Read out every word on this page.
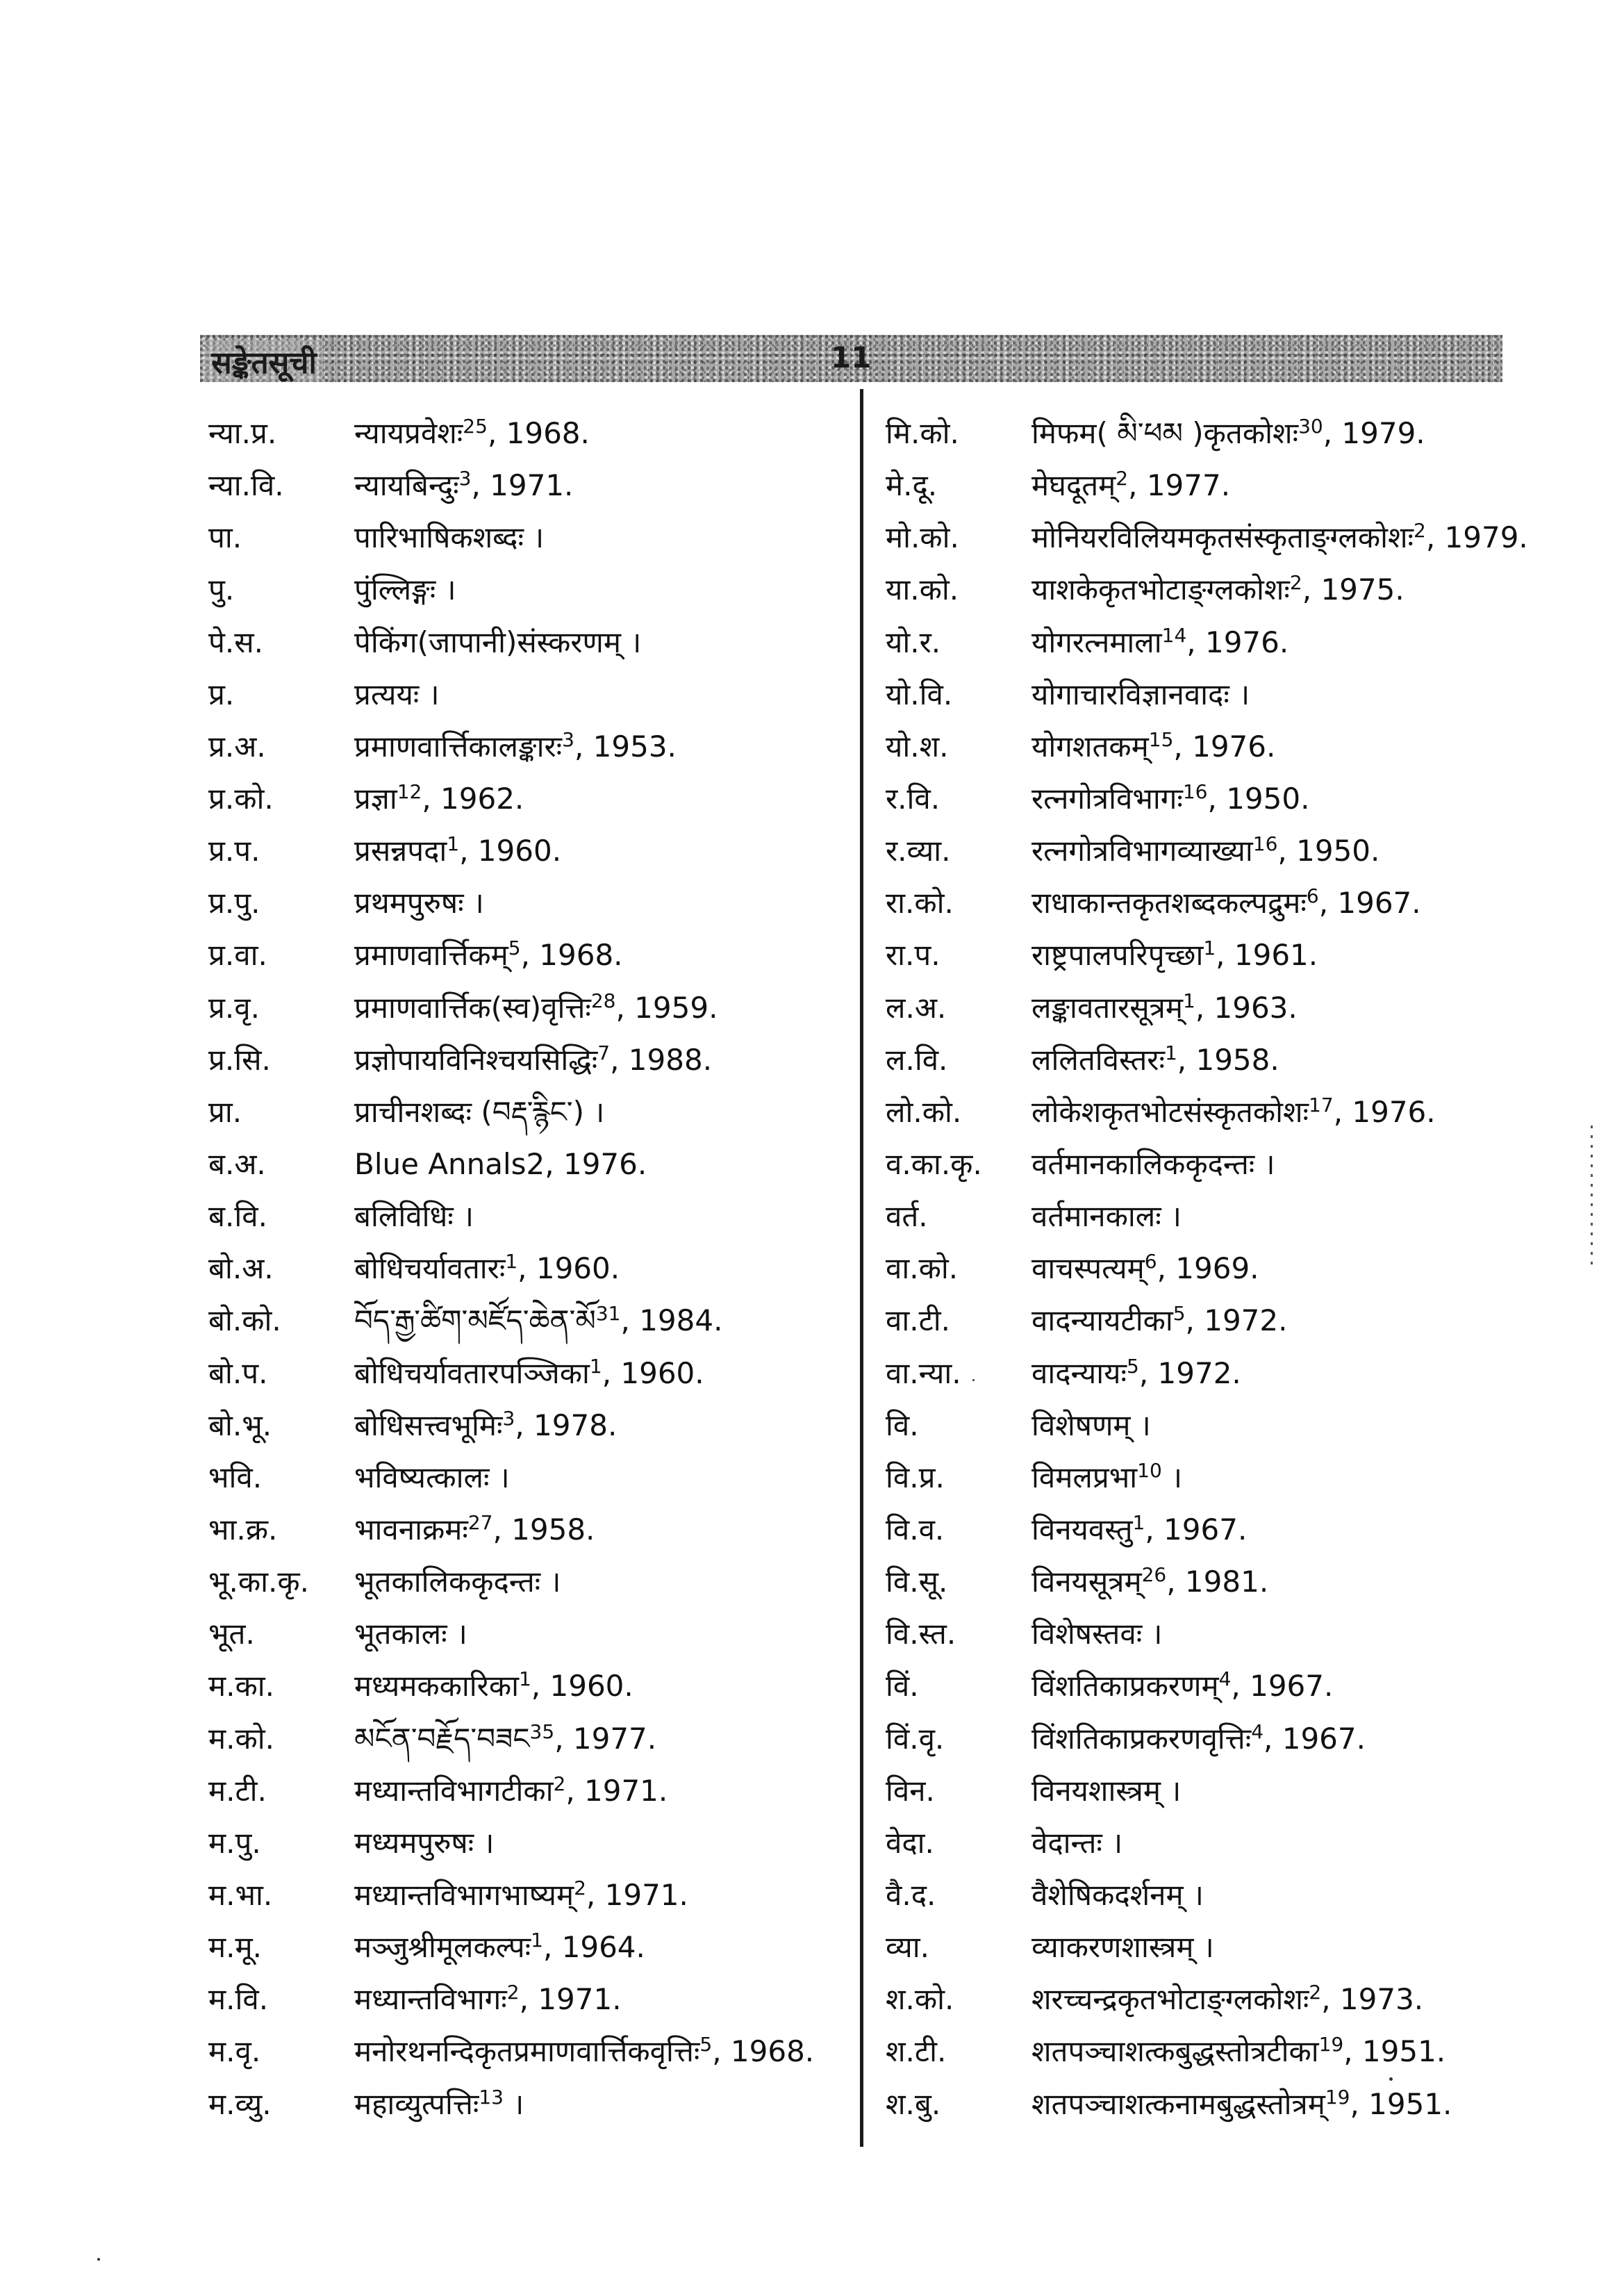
सङ्केतसूची	11
न्या.प्र.	न्यायप्रवेशः$^{25}$, 1968.
न्या.वि.	न्यायबिन्दुः$^3$, 1971.
पा.	पारिभाषिकशब्दः ।
पु.	पुंल्लिङ्गः ।
पे.स.	पेकिंग(जापानी)संस्करणम् ।
प्र.	प्रत्ययः ।
प्र.अ.	प्रमाणवार्त्तिकालङ्कारः$^3$, 1953.
प्र.को.	प्रज्ञा$^{12}$, 1962.
प्र.प.	प्रसन्नपदा$^1$, 1960.
प्र.पु.	प्रथमपुरुषः ।
प्र.वा.	प्रमाणवार्त्तिकम्$^5$, 1968.
प्र.वृ.	प्रमाणवार्त्तिक(स्व)वृत्तिः$^{28}$, 1959.
प्र.सि.	प्रज्ञोपायविनिश्चयसिद्धिः$^7$, 1988.
प्रा.	प्राचीनशब्दः (བརྡ་རྙིང་) ।
ब.अ.	Blue Annals2, 1976.
ब.वि.	बलिविधिः ।
बो.अ.	बोधिचर्यावतारः$^1$, 1960.
बो.को.	བོད་རྒྱ་ཚིག་མཛོད་ཆེན་མོ$^{31}$, 1984.
बो.प.	बोधिचर्यावतारपञ्जिका$^1$, 1960.
बो.भू.	बोधिसत्त्वभूमिः$^3$, 1978.
भवि.	भविष्यत्कालः ।
भा.क्र.	भावनाक्रमः$^{27}$, 1958.
भू.का.कृ.	भूतकालिककृदन्तः ।
भूत.	भूतकालः ।
म.का.	मध्यमककारिका$^1$, 1960.
म.को.	མངོན་བརྗོད་བཟང$^{35}$, 1977.
म.टी.	मध्यान्तविभागटीका$^2$, 1971.
म.पु.	मध्यमपुरुषः ।
म.भा.	मध्यान्तविभागभाष्यम्$^2$, 1971.
म.मू.	मञ्जुश्रीमूलकल्पः$^1$, 1964.
म.वि.	मध्यान्तविभागः$^2$, 1971.
म.वृ.	मनोरथनन्दिकृतप्रमाणवार्त्तिकवृत्तिः$^5$, 1968.
म.व्यु.	महाव्युत्पत्तिः$^{13}$ ।
मि.को.	मिफम( མི་ཕམ )कृतकोशः$^{30}$, 1979.
मे.दू.	मेघदूतम्$^2$, 1977.
मो.को.	मोनियरविलियमकृतसंस्कृताङ्ग्लकोशः$^2$, 1979.
या.को.	याशकेकृतभोटाङ्ग्लकोशः$^2$, 1975.
यो.र.	योगरत्नमाला$^{14}$, 1976.
यो.वि.	योगाचारविज्ञानवादः ।
यो.श.	योगशतकम्$^{15}$, 1976.
र.वि.	रत्नगोत्रविभागः$^{16}$, 1950.
र.व्या.	रत्नगोत्रविभागव्याख्या$^{16}$, 1950.
रा.को.	राधाकान्तकृतशब्दकल्पद्रुमः$^6$, 1967.
रा.प.	राष्ट्रपालपरिपृच्छा$^1$, 1961.
ल.अ.	लङ्कावतारसूत्रम्$^1$, 1963.
ल.वि.	ललितविस्तरः$^1$, 1958.
लो.को.	लोकेशकृतभोटसंस्कृतकोशः$^{17}$, 1976.
व.का.कृ.	वर्तमानकालिककृदन्तः ।
वर्त.	वर्तमानकालः ।
वा.को.	वाचस्पत्यम्$^6$, 1969.
वा.टी.	वादन्यायटीका$^5$, 1972.
वा.न्या.	वादन्यायः$^5$, 1972.
वि.	विशेषणम् ।
वि.प्र.	विमलप्रभा$^{10}$ ।
वि.व.	विनयवस्तु$^1$, 1967.
वि.सू.	विनयसूत्रम्$^{26}$, 1981.
वि.स्त.	विशेषस्तवः ।
विं.	विंशतिकाप्रकरणम्$^4$, 1967.
विं.वृ.	विंशतिकाप्रकरणवृत्तिः$^4$, 1967.
विन.	विनयशास्त्रम् ।
वेदा.	वेदान्तः ।
वै.द.	वैशेषिकदर्शनम् ।
व्या.	व्याकरणशास्त्रम् ।
श.को.	शरच्चन्द्रकृतभोटाङ्ग्लकोशः$^2$, 1973.
श.टी.	शतपञ्चाशत्कबुद्धस्तोत्रटीका$^{19}$, 1951.
श.बु.	शतपञ्चाशत्कनामबुद्धस्तोत्रम्$^{19}$, 1951.
